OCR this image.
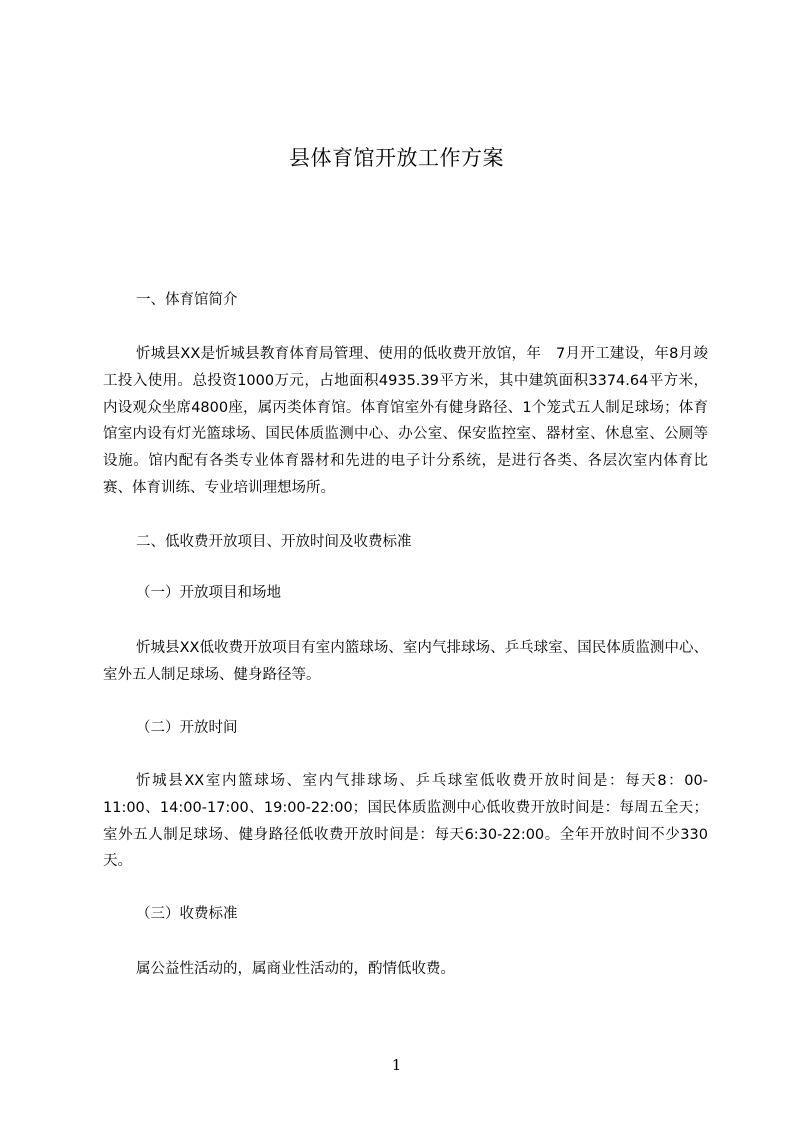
县体育馆开放工作方案
一、体育馆简介
忻城县XX是忻城县教育体育局管理、使用的低收费开放馆，年　7月开工建设，年8月竣工投入使用。总投资1000万元，占地面积4935.39平方米，其中建筑面积3374.64平方米，内设观众坐席4800座，属丙类体育馆。体育馆室外有健身路径、1个笼式五人制足球场；体育馆室内设有灯光篮球场、国民体质监测中心、办公室、保安监控室、器材室、休息室、公厕等设施。馆内配有各类专业体育器材和先进的电子计分系统，是进行各类、各层次室内体育比赛、体育训练、专业培训理想场所。
二、低收费开放项目、开放时间及收费标准
（一）开放项目和场地
忻城县XX低收费开放项目有室内篮球场、室内气排球场、乒乓球室、国民体质监测中心、室外五人制足球场、健身路径等。
（二）开放时间
忻城县XX室内篮球场、室内气排球场、乒乓球室低收费开放时间是：每天8：00-11:00、14:00-17:00、19:00-22:00；国民体质监测中心低收费开放时间是：每周五全天；室外五人制足球场、健身路径低收费开放时间是：每天6:30-22:00。全年开放时间不少330天。
（三）收费标准
属公益性活动的，属商业性活动的，酌情低收费。
1
